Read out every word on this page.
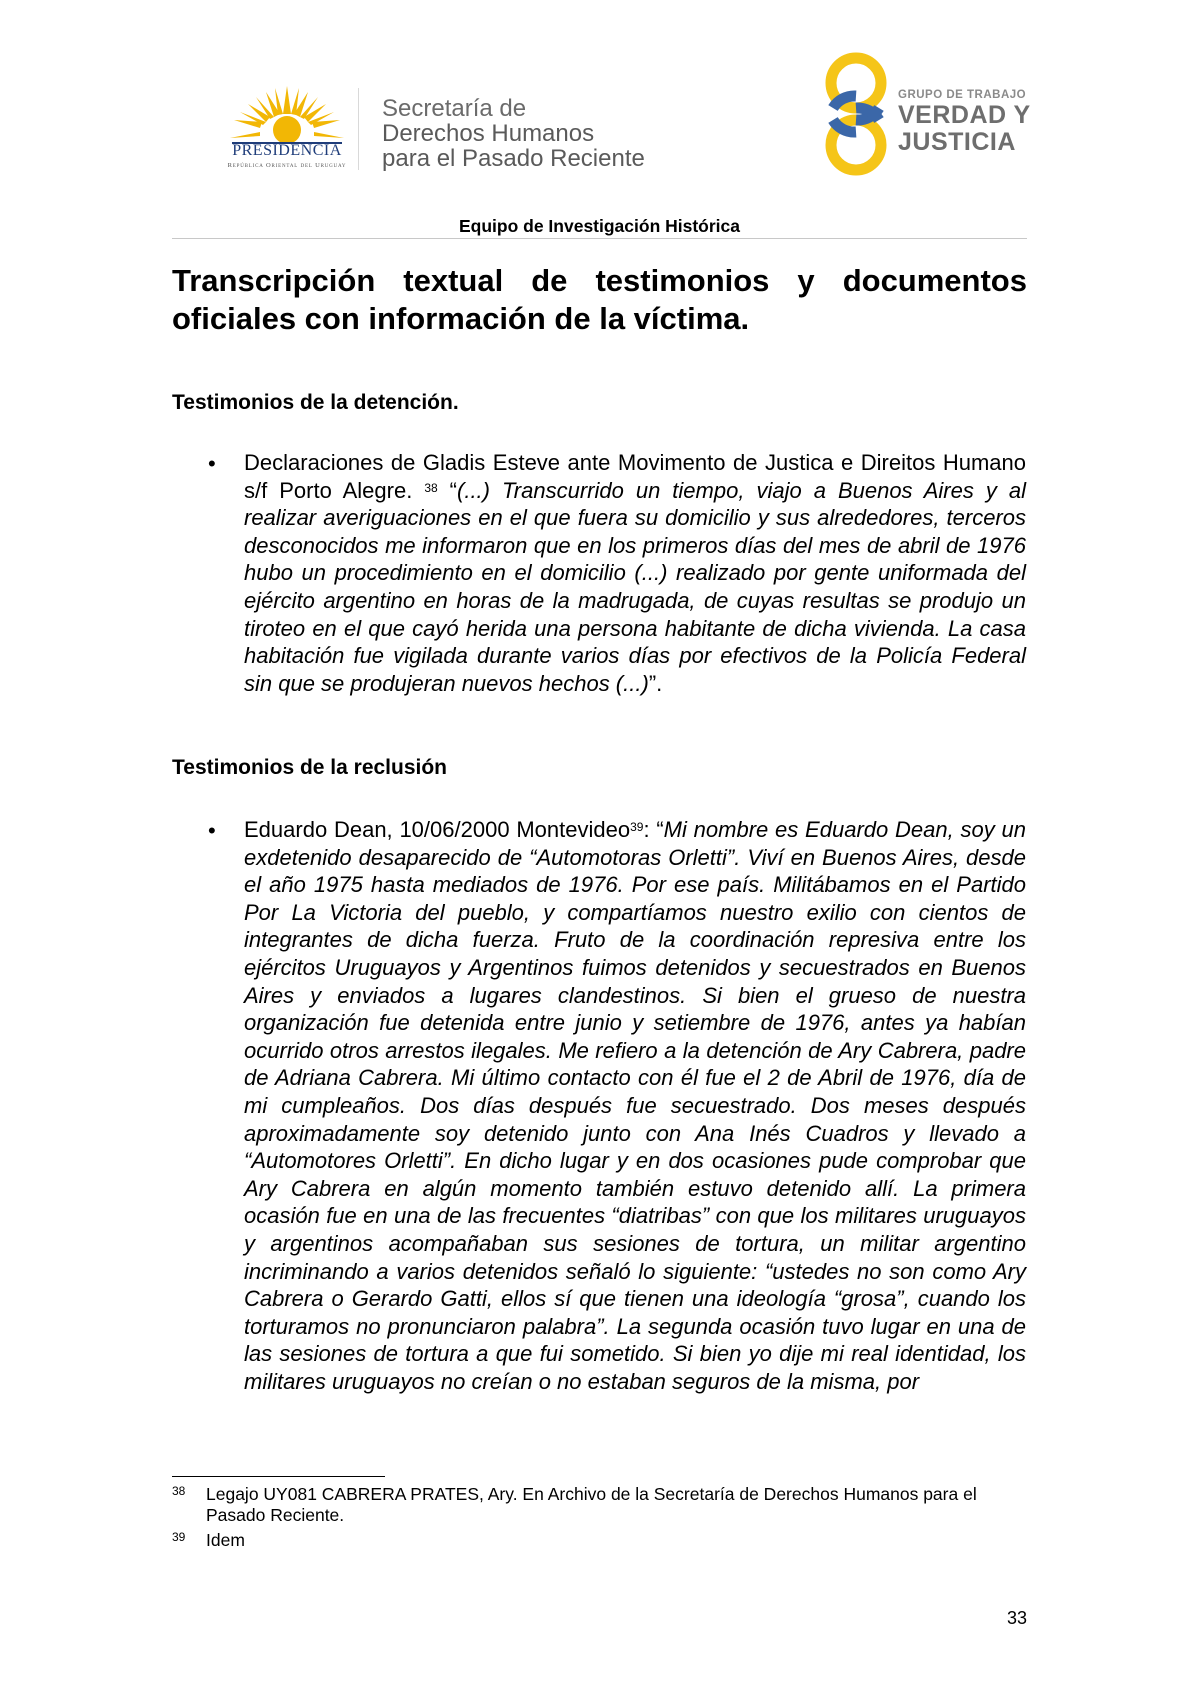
PRESIDENCIA
República Oriental del Uruguay
Secretaría de
Derechos Humanos
para el Pasado Reciente
GRUPO DE TRABAJO
VERDAD Y
JUSTICIA
Equipo de Investigación Histórica
Transcripción textual de testimonios y documentos oficiales con información de la víctima.
Testimonios de la detención.
• Declaraciones de Gladis Esteve ante Movimento de Justica e Direitos Humano s/f Porto Alegre. $^{38}$ “(...) Transcurrido un tiempo, viajo a Buenos Aires y al realizar averiguaciones en el que fuera su domicilio y sus alrededores, terceros desconocidos me informaron que en los primeros días del mes de abril de 1976 hubo un procedimiento en el domicilio (...) realizado por gente uniformada del ejército argentino en horas de la madrugada, de cuyas resultas se produjo un tiroteo en el que cayó herida una persona habitante de dicha vivienda. La casa habitación fue vigilada durante varios días por efectivos de la Policía Federal sin que se produjeran nuevos hechos (...)”.
Testimonios de la reclusión
• Eduardo Dean, 10/06/2000 Montevideo$^{39}$: “Mi nombre es Eduardo Dean, soy un exdetenido desaparecido de “Automotoras Orletti”. Viví en Buenos Aires, desde el año 1975 hasta mediados de 1976. Por ese país. Militábamos en el Partido Por La Victoria del pueblo, y compartíamos nuestro exilio con cientos de integrantes de dicha fuerza. Fruto de la coordinación represiva entre los ejércitos Uruguayos y Argentinos fuimos detenidos y secuestrados en Buenos Aires y enviados a lugares clandestinos. Si bien el grueso de nuestra organización fue detenida entre junio y setiembre de 1976, antes ya habían ocurrido otros arrestos ilegales. Me refiero a la detención de Ary Cabrera, padre de Adriana Cabrera. Mi último contacto con él fue el 2 de Abril de 1976, día de mi cumpleaños. Dos días después fue secuestrado. Dos meses después aproximadamente soy detenido junto con Ana Inés Cuadros y llevado a “Automotores Orletti”. En dicho lugar y en dos ocasiones pude comprobar que Ary Cabrera en algún momento también estuvo detenido allí. La primera ocasión fue en una de las frecuentes “diatribas” con que los militares uruguayos y argentinos acompañaban sus sesiones de tortura, un militar argentino incriminando a varios detenidos señaló lo siguiente: “ustedes no son como Ary Cabrera o Gerardo Gatti, ellos sí que tienen una ideología “grosa”, cuando los torturamos no pronunciaron palabra”. La segunda ocasión tuvo lugar en una de las sesiones de tortura a que fui sometido. Si bien yo dije mi real identidad, los militares uruguayos no creían o no estaban seguros de la misma, por
38 Legajo UY081 CABRERA PRATES, Ary. En Archivo de la Secretaría de Derechos Humanos para el Pasado Reciente.
39 Idem
33
